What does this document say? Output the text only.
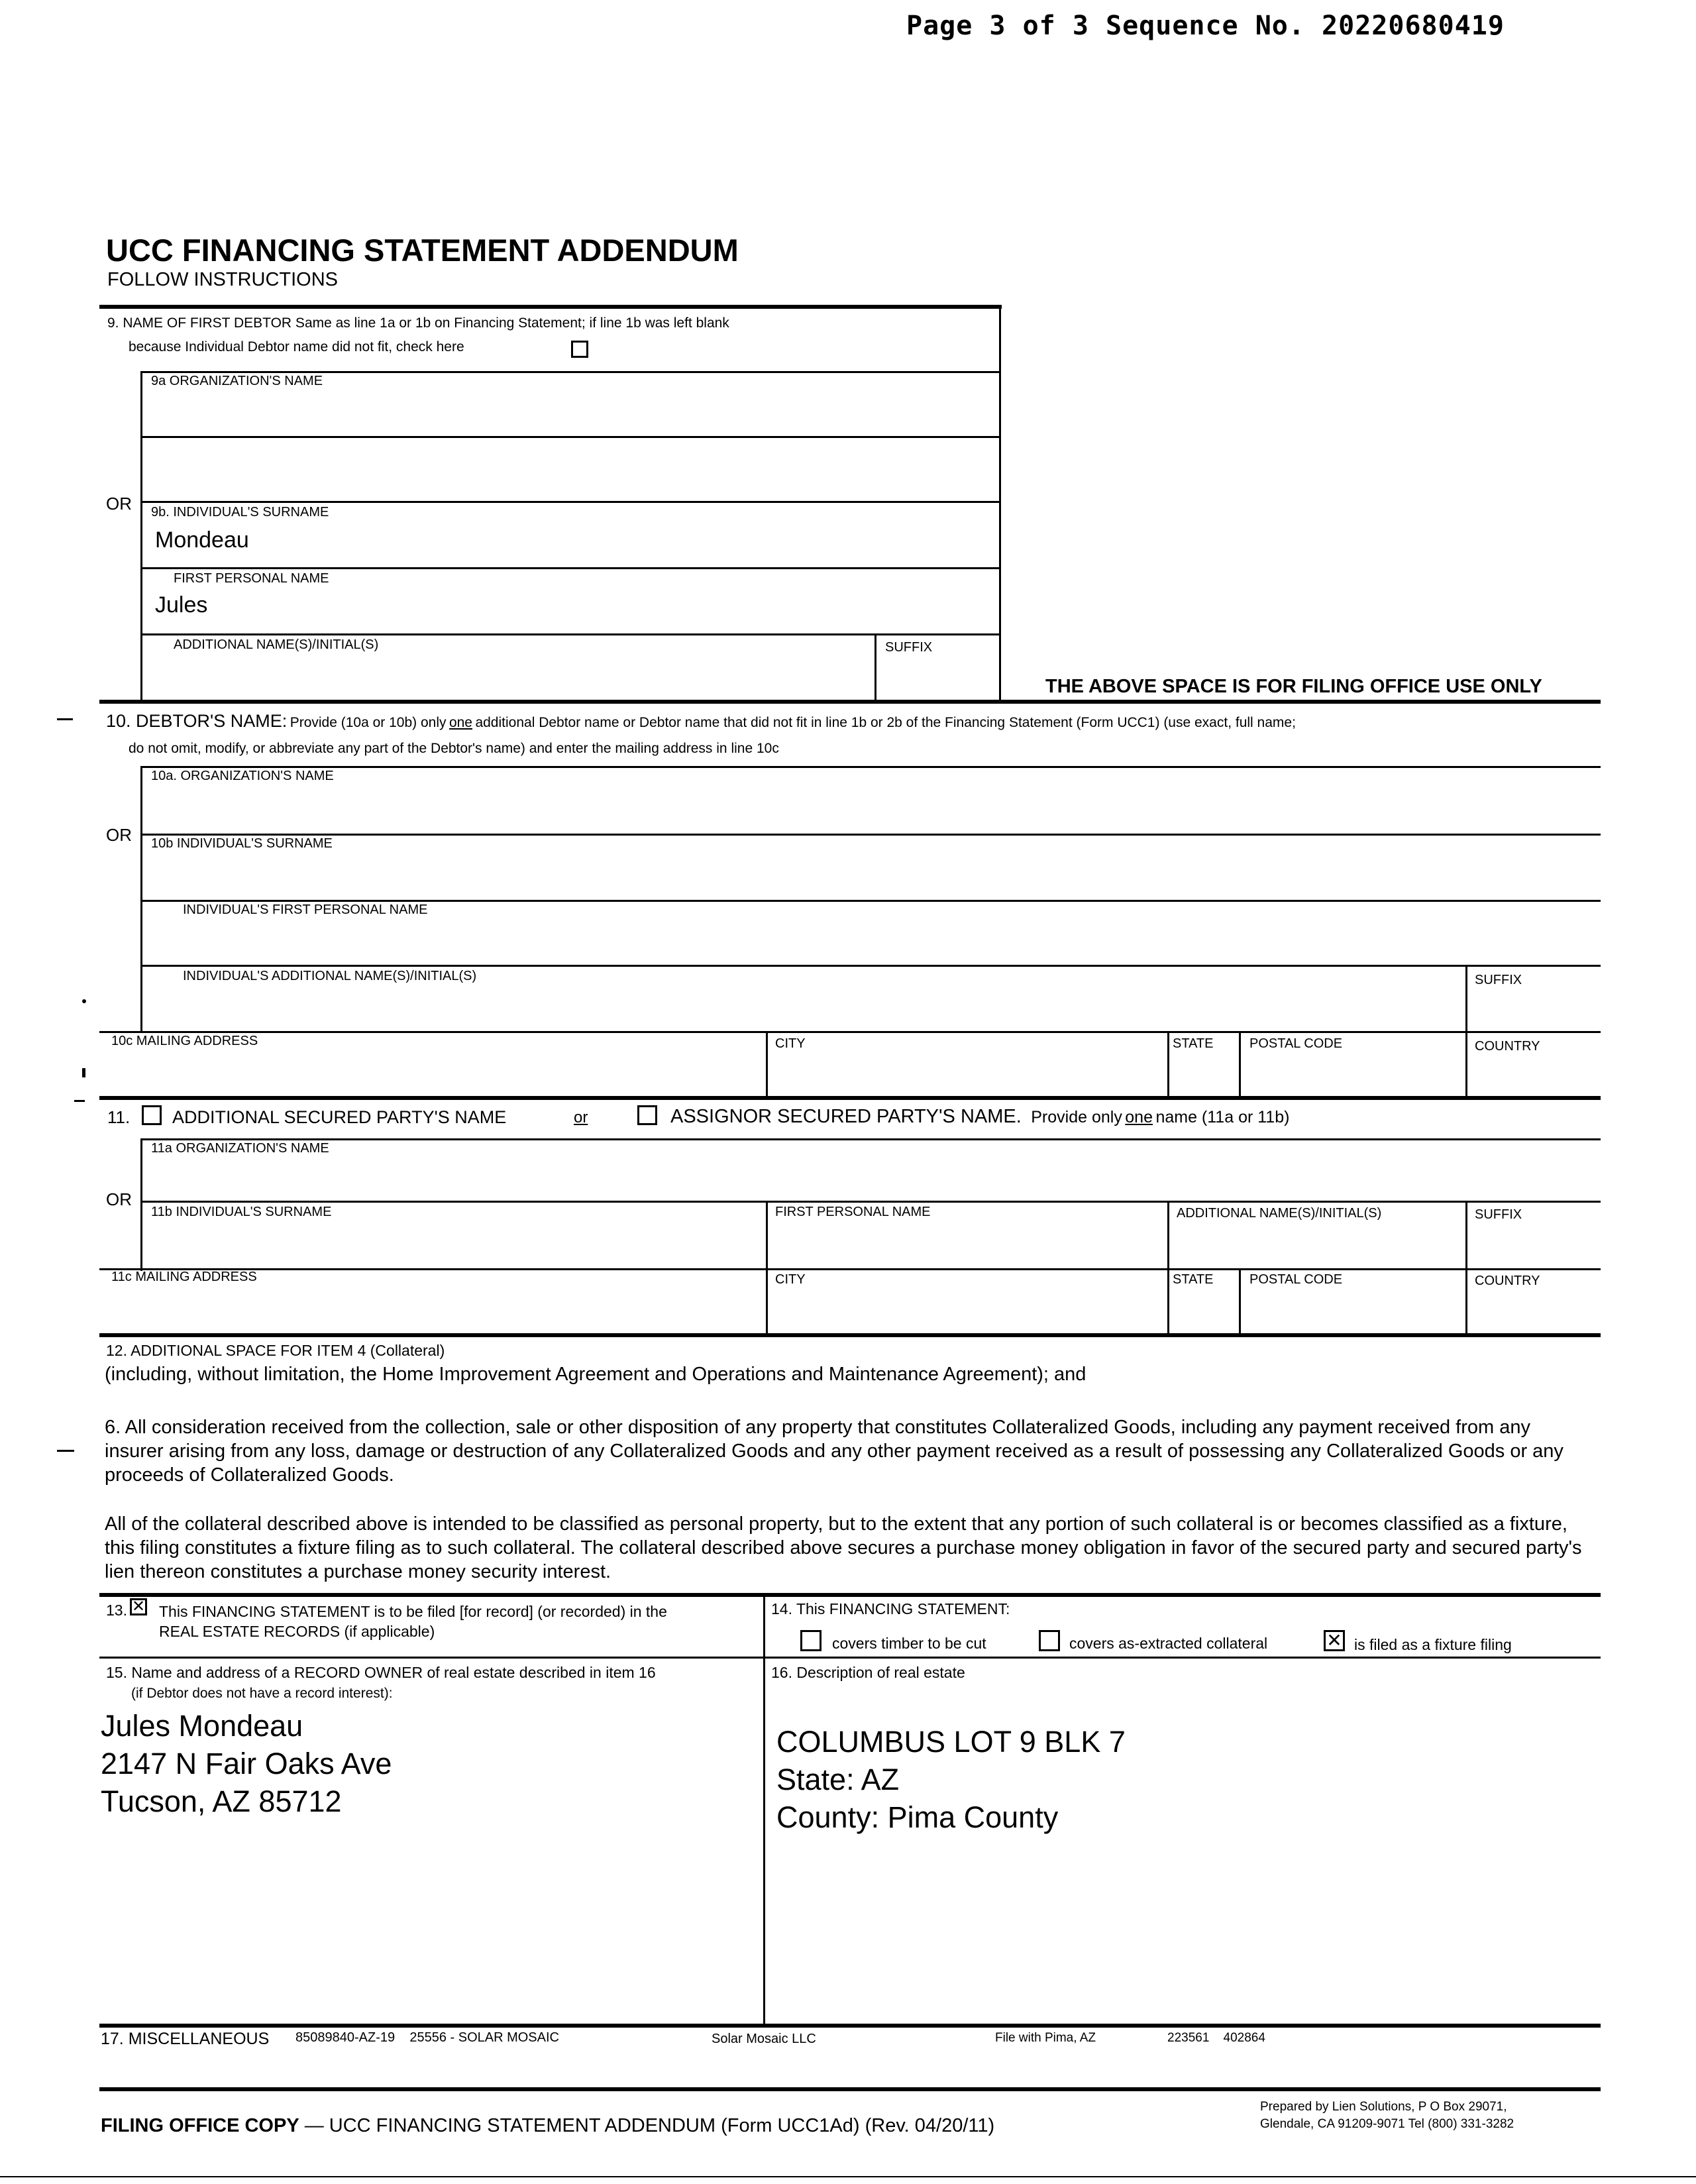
Page 3 of 3 Sequence No. 20220680419
UCC FINANCING STATEMENT ADDENDUM
FOLLOW INSTRUCTIONS
9. NAME OF FIRST DEBTOR Same as line 1a or 1b on Financing Statement; if line 1b was left blank
because Individual Debtor name did not fit, check here
9a ORGANIZATION'S NAME
OR 9b. INDIVIDUAL'S SURNAME
Mondeau
FIRST PERSONAL NAME
Jules
ADDITIONAL NAME(S)/INITIAL(S)	SUFFIX
THE ABOVE SPACE IS FOR FILING OFFICE USE ONLY
10. DEBTOR'S NAME: Provide (10a or 10b) only one additional Debtor name or Debtor name that did not fit in line 1b or 2b of the Financing Statement (Form UCC1) (use exact, full name;
do not omit, modify, or abbreviate any part of the Debtor's name) and enter the mailing address in line 10c
10a. ORGANIZATION'S NAME
OR 10b INDIVIDUAL'S SURNAME
INDIVIDUAL'S FIRST PERSONAL NAME
INDIVIDUAL'S ADDITIONAL NAME(S)/INITIAL(S)	SUFFIX
10c MAILING ADDRESS	CITY	STATE	POSTAL CODE	COUNTRY
11. ADDITIONAL SECURED PARTY'S NAME	or	ASSIGNOR SECURED PARTY'S NAME. Provide only one name (11a or 11b)
11a ORGANIZATION'S NAME
OR
11b INDIVIDUAL'S SURNAME	FIRST PERSONAL NAME	ADDITIONAL NAME(S)/INITIAL(S)	SUFFIX
11c MAILING ADDRESS	CITY	STATE	POSTAL CODE	COUNTRY
12. ADDITIONAL SPACE FOR ITEM 4 (Collateral)
(including, without limitation, the Home Improvement Agreement and Operations and Maintenance Agreement); and
6. All consideration received from the collection, sale or other disposition of any property that constitutes Collateralized Goods, including any payment received from any insurer arising from any loss, damage or destruction of any Collateralized Goods and any other payment received as a result of possessing any Collateralized Goods or any proceeds of Collateralized Goods.
All of the collateral described above is intended to be classified as personal property, but to the extent that any portion of such collateral is or becomes classified as a fixture, this filing constitutes a fixture filing as to such collateral. The collateral described above secures a purchase money obligation in favor of the secured party and secured party's lien thereon constitutes a purchase money security interest.
13. ✕ This FINANCING STATEMENT is to be filed [for record] (or recorded) in the
REAL ESTATE RECORDS (if applicable)
14. This FINANCING STATEMENT:
covers timber to be cut	covers as-extracted collateral	✕ is filed as a fixture filing
15. Name and address of a RECORD OWNER of real estate described in item 16
(if Debtor does not have a record interest):
Jules Mondeau
2147 N Fair Oaks Ave
Tucson, AZ 85712
16. Description of real estate
COLUMBUS LOT 9 BLK 7
State: AZ
County: Pima County
17. MISCELLANEOUS 85089840-AZ-19    25556 - SOLAR MOSAIC	Solar Mosaic LLC	File with Pima, AZ	223561    402864
FILING OFFICE COPY — UCC FINANCING STATEMENT ADDENDUM (Form UCC1Ad) (Rev. 04/20/11)
Prepared by Lien Solutions, P O Box 29071,
Glendale, CA 91209-9071 Tel (800) 331-3282
